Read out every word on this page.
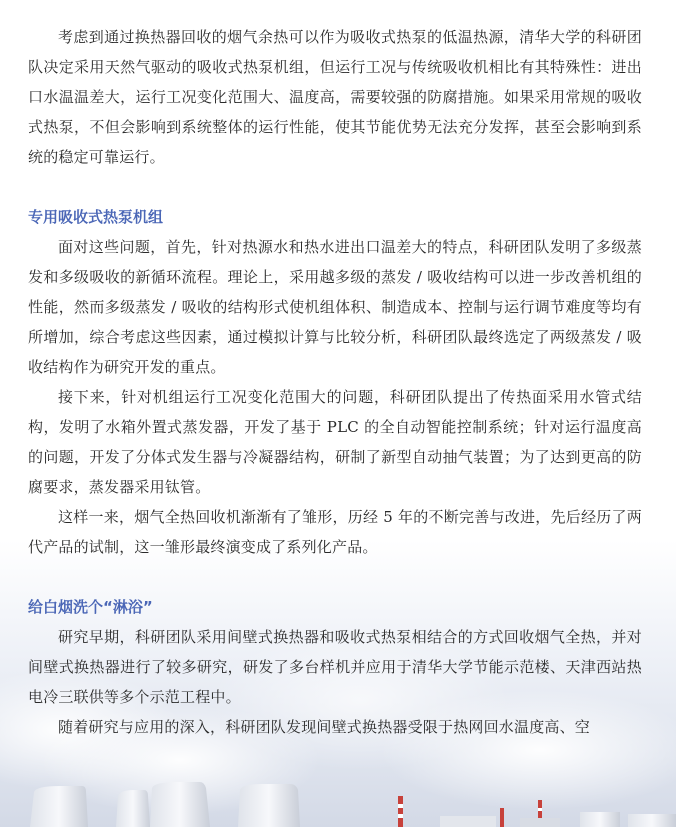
考虑到通过换热器回收的烟气余热可以作为吸收式热泵的低温热源，清华大学的科研团队决定采用天然气驱动的吸收式热泵机组，但运行工况与传统吸收机相比有其特殊性：进出口水温温差大，运行工况变化范围大、温度高，需要较强的防腐措施。如果采用常规的吸收式热泵，不但会影响到系统整体的运行性能，使其节能优势无法充分发挥，甚至会影响到系统的稳定可靠运行。

专用吸收式热泵机组

面对这些问题，首先，针对热源水和热水进出口温差大的特点，科研团队发明了多级蒸发和多级吸收的新循环流程。理论上，采用越多级的蒸发 / 吸收结构可以进一步改善机组的性能，然而多级蒸发 / 吸收的结构形式使机组体积、制造成本、控制与运行调节难度等均有所增加，综合考虑这些因素，通过模拟计算与比较分析，科研团队最终选定了两级蒸发 / 吸收结构作为研究开发的重点。

接下来，针对机组运行工况变化范围大的问题，科研团队提出了传热面采用水管式结构，发明了水箱外置式蒸发器，开发了基于 PLC 的全自动智能控制系统；针对运行温度高的问题，开发了分体式发生器与冷凝器结构，研制了新型自动抽气装置；为了达到更高的防腐要求，蒸发器采用钛管。

这样一来，烟气全热回收机渐渐有了雏形，历经 5 年的不断完善与改进，先后经历了两代产品的试制，这一雏形最终演变成了系列化产品。

给白烟洗个“淋浴”

研究早期，科研团队采用间壁式换热器和吸收式热泵相结合的方式回收烟气全热，并对间壁式换热器进行了较多研究，研发了多台样机并应用于清华大学节能示范楼、天津西站热电冷三联供等多个示范工程中。

随着研究与应用的深入，科研团队发现间壁式换热器受限于热网回水温度高、空
